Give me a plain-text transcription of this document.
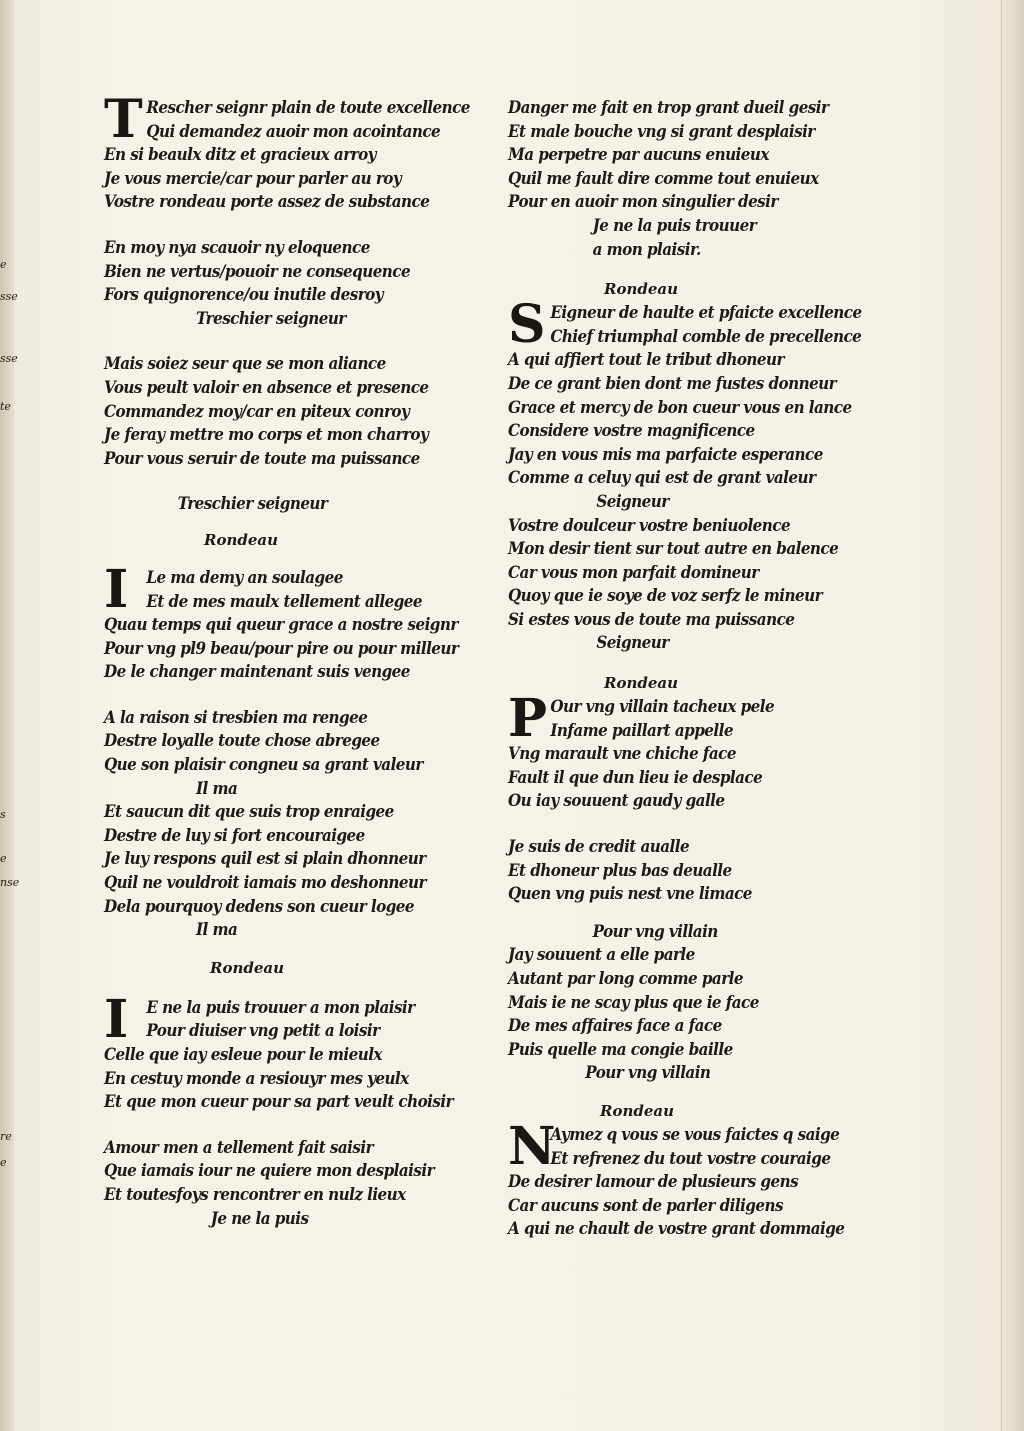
e
sse
sse
te
s
e
nse
re
e
T Rescher seignr plain de toute excellence
Qui demandez auoir mon acointance
En si beaulx ditz et gracieux arroy
Je vous mercie/car pour parler au roy
Vostre rondeau porte assez de substance
En moy nya scauoir ny eloquence
Bien ne vertus/pouoir ne consequence
Fors quignorence/ou inutile desroy
Treschier seigneur
Mais soiez seur que se mon aliance
Vous peult valoir en absence et presence
Commandez moy/car en piteux conroy
Je feray mettre mo corps et mon charroy
Pour vous seruir de toute ma puissance
Treschier seigneur
Rondeau
I	Le ma demy an soulagee
Et de mes maulx tellement allegee
Quau temps qui queur grace a nostre seignr
Pour vng pl9 beau/pour pire ou pour milleur
De le changer maintenant suis vengee
A la raison si tresbien ma rengee
Destre loyalle toute chose abregee
Que son plaisir congneu sa grant valeur
Il ma
Et saucun dit que suis trop enraigee
Destre de luy si fort encouraigee
Je luy respons quil est si plain dhonneur
Quil ne vouldroit iamais mo deshonneur
Dela pourquoy dedens son cueur logee
Il ma
Rondeau
I	E ne la puis trouuer a mon plaisir
Pour diuiser vng petit a loisir
Celle que iay esleue pour le mieulx
En cestuy monde a resiouyr mes yeulx
Et que mon cueur pour sa part veult choisir
Amour men a tellement fait saisir
Que iamais iour ne quiere mon desplaisir
Et toutesfoys rencontrer en nulz lieux
Je ne la puis
Danger me fait en trop grant dueil gesir
Et male bouche vng si grant desplaisir
Ma perpetre par aucuns enuieux
Quil me fault dire comme tout enuieux
Pour en auoir mon singulier desir
Je ne la puis trouuer
a mon plaisir.
Rondeau
S Eigneur de haulte et pfaicte excellence
Chief triumphal comble de precellence
A qui affiert tout le tribut dhoneur
De ce grant bien dont me fustes donneur
Grace et mercy de bon cueur vous en lance
Considere vostre magnificence
Jay en vous mis ma parfaicte esperance
Comme a celuy qui est de grant valeur
Seigneur
Vostre doulceur vostre beniuolence
Mon desir tient sur tout autre en balence
Car vous mon parfait domineur
Quoy que ie soye de voz serfz le mineur
Si estes vous de toute ma puissance
Seigneur
Rondeau
P Our vng villain tacheux pele
Infame paillart appelle
Vng marault vne chiche face
Fault il que dun lieu ie desplace
Ou iay souuent gaudy galle
Je suis de credit aualle
Et dhoneur plus bas deualle
Quen vng puis nest vne limace
Pour vng villain
Jay souuent a elle parle
Autant par long comme parle
Mais ie ne scay plus que ie face
De mes affaires face a face
Puis quelle ma congie baille
Pour vng villain
Rondeau
N
Aymez q vous se vous faictes q saige
Et refrenez du tout vostre couraige
De desirer lamour de plusieurs gens
Car aucuns sont de parler diligens
A qui ne chault de vostre grant dommaige
